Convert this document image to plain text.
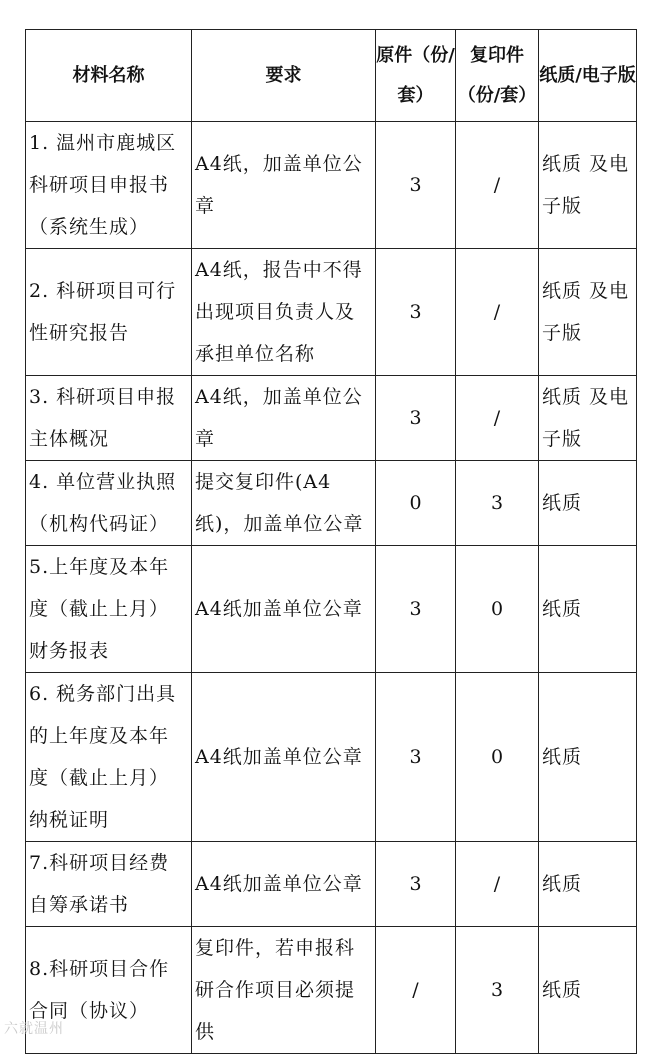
材料名称	要求	原件（份/套）	复印件（份/套）	纸质/电子版
1. 温州市鹿城区科研项目申报书（系统生成）	A4纸，加盖单位公章	3	/	纸质 及电子版
2. 科研项目可行性研究报告	A4纸，报告中不得出现项目负责人及承担单位名称	3	/	纸质 及电子版
3. 科研项目申报主体概况	A4纸，加盖单位公章	3	/	纸质 及电子版
4. 单位营业执照（机构代码证）	提交复印件(A4纸)，加盖单位公章	0	3	纸质
5.上年度及本年度（截止上月）财务报表	A4纸加盖单位公章	3	0	纸质
6. 税务部门出具的上年度及本年度（截止上月）纳税证明	A4纸加盖单位公章	3	0	纸质
7.科研项目经费自筹承诺书	A4纸加盖单位公章	3	/	纸质
8.科研项目合作合同（协议）	复印件，若申报科研合作项目必须提供	/	3	纸质
六就温州
